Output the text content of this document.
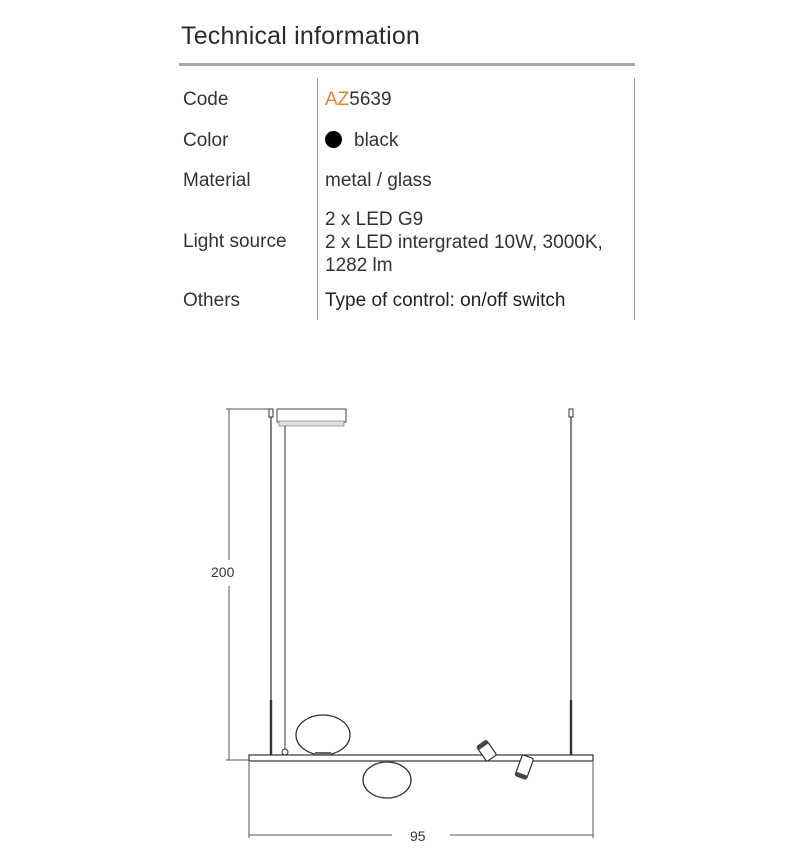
Technical information
Code	AZ5639
Color	black
Material	metal / glass
Light source	2 x LED G9
2 x LED intergrated 10W, 3000K,
1282 lm

Others	Type of control: on/off switch
200
95
